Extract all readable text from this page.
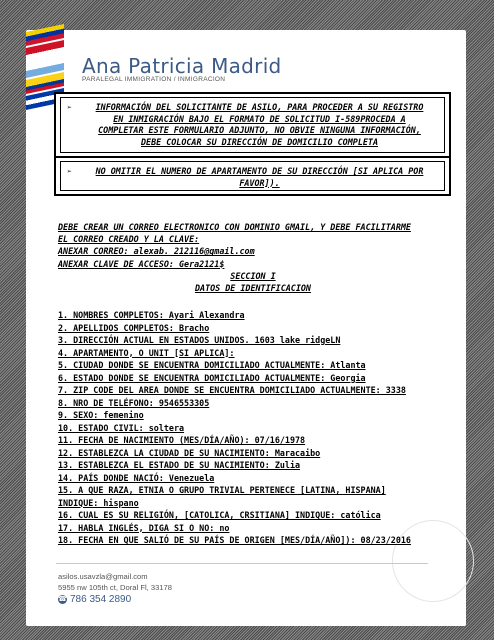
Ana Patricia Madrid
PARALEGAL IMMIGRATION / INMIGRACION
➢	INFORMACIÓN DEL SOLICITANTE DE ASILO, PARA PROCEDER A SU REGISTRO
EN INMIGRACIÓN BAJO EL FORMATO DE SOLICITUD I-589PROCEDA A
COMPLETAR ESTE FORMULARIO ADJUNTO, NO OBVIE NINGUNA INFORMACIÓN,
DEBE COLOCAR SU DIRECCIÓN DE DOMICILIO COMPLETA
➢	NO OMITIR EL NUMERO DE APARTAMENTO DE SU DIRECCIÓN [SI APLICA POR
FAVOR]).
DEBE CREAR UN CORREO ELECTRONICO CON DOMINIO GMAIL, Y DEBE FACILITARME
EL CORREO CREADO Y LA CLAVE:
ANEXAR CORREO: alexab. 212116@gmail.com
ANEXAR CLAVE DE ACCESO: Gera2121$
SECCION I
DATOS DE IDENTIFICACION
1. NOMBRES COMPLETOS: Ayari Alexandra
2. APELLIDOS COMPLETOS: Bracho
3. DIRECCIÓN ACTUAL EN ESTADOS UNIDOS. 1603 lake ridgeLN
4. APARTAMENTO, O UNIT [SI APLICA]:
5. CIUDAD DONDE SE ENCUENTRA DOMICILIADO ACTUALMENTE: Atlanta
6. ESTADO DONDE SE ENCUENTRA DOMICILIADO ACTUALMENTE: Georgia
7. ZIP CODE DEL AREA DONDE SE ENCUENTRA DOMICILIADO ACTUALMENTE: 3338
8. NRO DE TELÉFONO: 9546553305
9. SEXO: femenino
10. ESTADO CIVIL: soltera
11. FECHA DE NACIMIENTO (MES/DÍA/AÑO): 07/16/1978
12. ESTABLEZCA LA CIUDAD DE SU NACIMIENTO: Maracaibo
13. ESTABLEZCA EL ESTADO DE SU NACIMIENTO: Zulia
14. PAÍS DONDE NACIÓ: Venezuela
15. A QUE RAZA, ETNIA O GRUPO TRIVIAL PERTENECE [LATINA, HISPANA]
INDIQUE: hispano
16. CUAL ES SU RELIGIÓN, [CATOLICA, CRSITIANA] INDIQUE: católica
17. HABLA INGLÉS, DIGA SI O NO: no
18. FECHA EN QUE SALIÓ DE SU PAÍS DE ORIGEN [MES/DÍA/AÑO]): 08/23/2016
asilos.usavzla@gmail.com
5955 nw 105th ct, Doral Fl, 33178
☎ 786 354 2890
